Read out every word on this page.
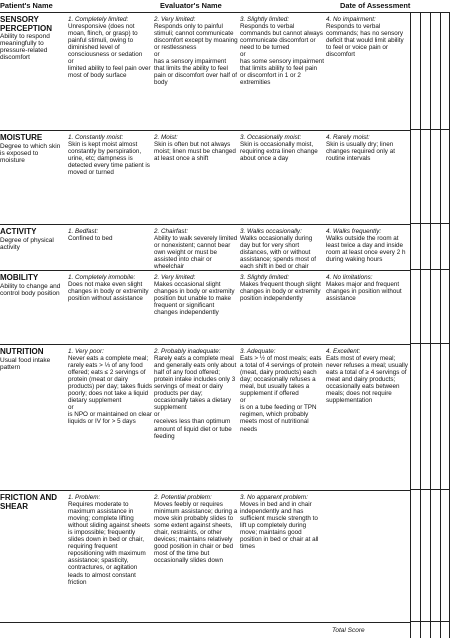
Patient's Name	Evaluator's Name	Date of Assessment
SENSORY PERCEPTION
Ability to respond meaningfully to pressure-related discomfort
1. Completely limited:
Unresponsive (does not moan, flinch, or grasp) to painful stimuli, owing to diminished level of consciousness or sedation
or
limited ability to feel pain over most of body surface
2. Very limited:
Responds only to painful stimuli; cannot communicate discomfort except by moaning or restlessness
or
has a sensory impairment that limits the ability to feel pain or discomfort over half of body
3. Slightly limited:
Responds to verbal commands but cannot always communicate discomfort or need to be turned
or
has some sensory impairment that limits ability to feel pain or discomfort in 1 or 2 extremities
4. No impairment:
Responds to verbal commands; has no sensory deficit that would limit ability to feel or voice pain or discomfort
MOISTURE
Degree to which skin is exposed to moisture
1. Constantly moist:
Skin is kept moist almost constantly by perspiration, urine, etc; dampness is detected every time patient is moved or turned
2. Moist:
Skin is often but not always moist; linen must be changed at least once a shift
3. Occasionally moist:
Skin is occasionally moist, requiring extra linen change about once a day
4. Rarely moist:
Skin is usually dry; linen changes required only at routine intervals
ACTIVITY
Degree of physical activity
1. Bedfast:
Confined to bed
2. Chairfast:
Ability to walk severely limited or nonexistent; cannot bear own weight or must be assisted into chair or wheelchair
3. Walks occasionally:
Walks occasionally during day but for very short distances, with or without assistance; spends most of each shift in bed or chair
4. Walks frequently:
Walks outside the room at least twice a day and inside room at least once every 2 h during waking hours
MOBILITY
Ability to change and control body position
1. Completely immobile:
Does not make even slight changes in body or extremity position without assistance
2. Very limited:
Makes occasional slight changes in body or extremity position but unable to make frequent or significant changes independently
3. Slightly limited:
Makes frequent though slight changes in body or extremity position independently
4. No limitations:
Makes major and frequent changes in position without assistance
NUTRITION
Usual food intake pattern
1. Very poor:
Never eats a complete meal; rarely eats > ⅓ of any food offered; eats ≤ 2 servings of protein (meat or dairy products) per day; takes fluids poorly; does not take a liquid dietary supplement
or
is NPO or maintained on clear liquids or IV for > 5 days
2. Probably inadequate:
Rarely eats a complete meal and generally eats only about half of any food offered; protein intake includes only 3 servings of meat or dairy products per day; occasionally takes a dietary supplement
or
receives less than optimum amount of liquid diet or tube feeding
3. Adequate:
Eats > ½ of most meals; eats a total of 4 servings of protein (meat, dairy products) each day; occasionally refuses a meal, but usually takes a supplement if offered
or
is on a tube feeding or TPN regimen, which probably meets most of nutritional needs
4. Excellent:
Eats most of every meal; never refuses a meal; usually eats a total of ≥ 4 servings of meat and dairy products; occasionally eats between meals; does not require supplementation
FRICTION AND SHEAR
1. Problem:
Requires moderate to maximum assistance in moving; complete lifting without sliding against sheets is impossible; frequently slides down in bed or chair, requiring frequent repositioning with maximum assistance; spasticity, contractures, or agitation leads to almost constant friction
2. Potential problem:
Moves feebly or requires minimum assistance; during a move skin probably slides to some extent against sheets, chair, restraints, or other devices; maintains relatively good position in chair or bed most of the time but occasionally slides down
3. No apparent problem:
Moves in bed and in chair independently and has sufficient muscle strength to lift up completely during move; maintains good position in bed or chair at all times
Total Score
